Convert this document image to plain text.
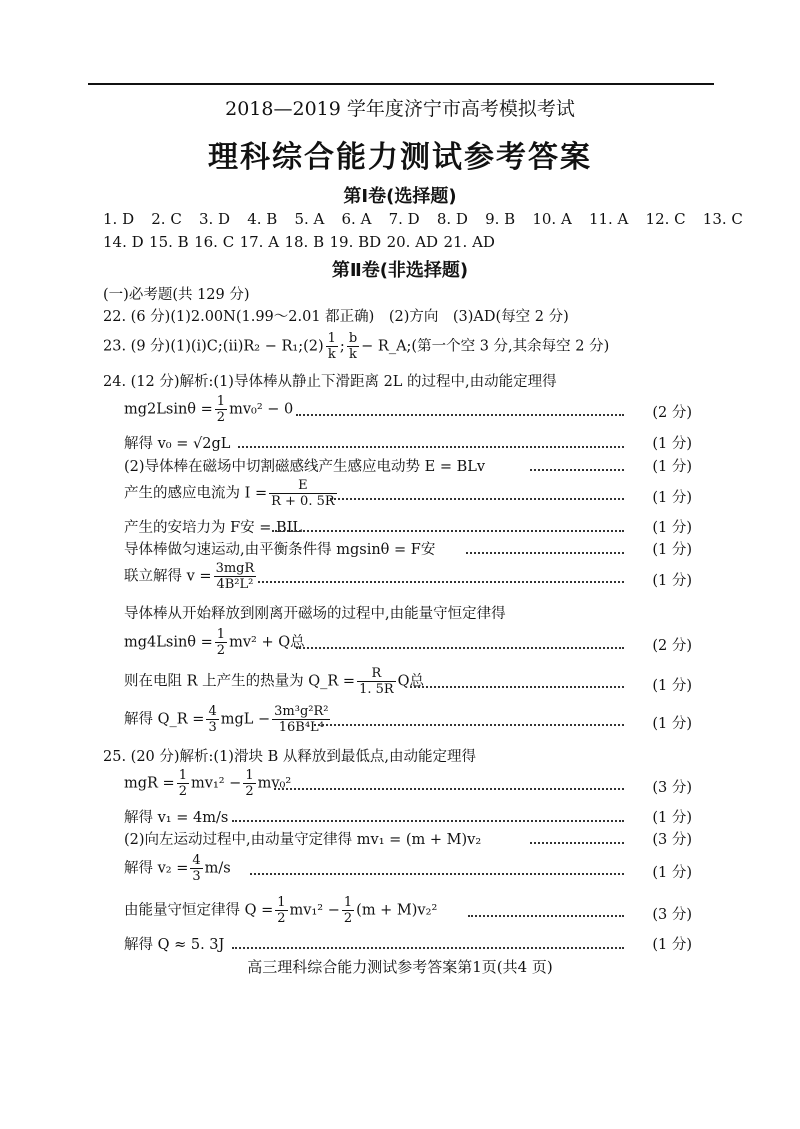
2018—2019 学年度济宁市高考模拟考试
理科综合能力测试参考答案
第Ⅰ卷(选择题)
1. D 2. C 3. D 4. B 5. A 6. A 7. D 8. D 9. B 10. A 11. A 12. C 13. C
14. D 15. B 16. C 17. A 18. B 19. BD 20. AD 21. AD
第Ⅱ卷(非选择题)
(一)必考题(共 129 分)
22. (6 分)(1)2.00N(1.99～2.01 都正确)　(2)方向　(3)AD(每空 2 分)
23. (9 分)(1)(ⅰ)C;(ⅱ)R₂ − R₁;(2) $\frac{1}{k}$ ; $\frac{b}{k}$ − R_A;(第一个空 3 分,其余每空 2 分)
24. (12 分)解析:(1)导体棒从静止下滑距离 2L 的过程中,由动能定理得
$mg2Lsin\theta = \frac{1}{2} mv_0^2 - 0$	(2 分)
解得 v₀ = √2gL	(1 分)
(2)导体棒在磁场中切割磁感线产生感应电动势 E = BLv	(1 分)
产生的感应电流为 $I = \frac{E}{R + 0. 5R}$	(1 分)
产生的安培力为 F安 = BIL	(1 分)
导体棒做匀速运动,由平衡条件得 mgsinθ = F安	(1 分)
联立解得 $v = \frac{\text{3mgR}}{\text{4B²L²}}$	(1 分)
导体棒从开始释放到刚离开磁场的过程中,由能量守恒定律得
$mg4Lsin\theta = \frac{1}{2} mv^2 + Q$总	(2 分)
则在电阻 R 上产生的热量为 Q_R = $\frac{R}{1. 5R}$ Q总	(1 分)
解得 Q_R = $\frac{4}{3}$ mgL − $\frac{\text{3m³g²R²}}{\text{16B⁴L⁴}}$	(1 分)
25. (20 分)解析:(1)滑块 B 从释放到最低点,由动能定理得
mgR = $\frac{1}{2} mv_1^2 - \frac{1}{2} mv_0^2$	(3 分)
解得 v₁ = 4m/s	(1 分)
(2)向左运动过程中,由动量守定律得 mv₁ = (m + M)v₂	(3 分)
解得 $v_2 = \frac{4}{3} m/s$	(1 分)
由能量守恒定律得 $Q = \frac{1}{2} mv_1^2 - \frac{1}{2} (m + M)v_2^2$	(3 分)
解得 Q ≈ 5. 3J	(1 分)
高三理科综合能力测试参考答案第1页(共4 页)
